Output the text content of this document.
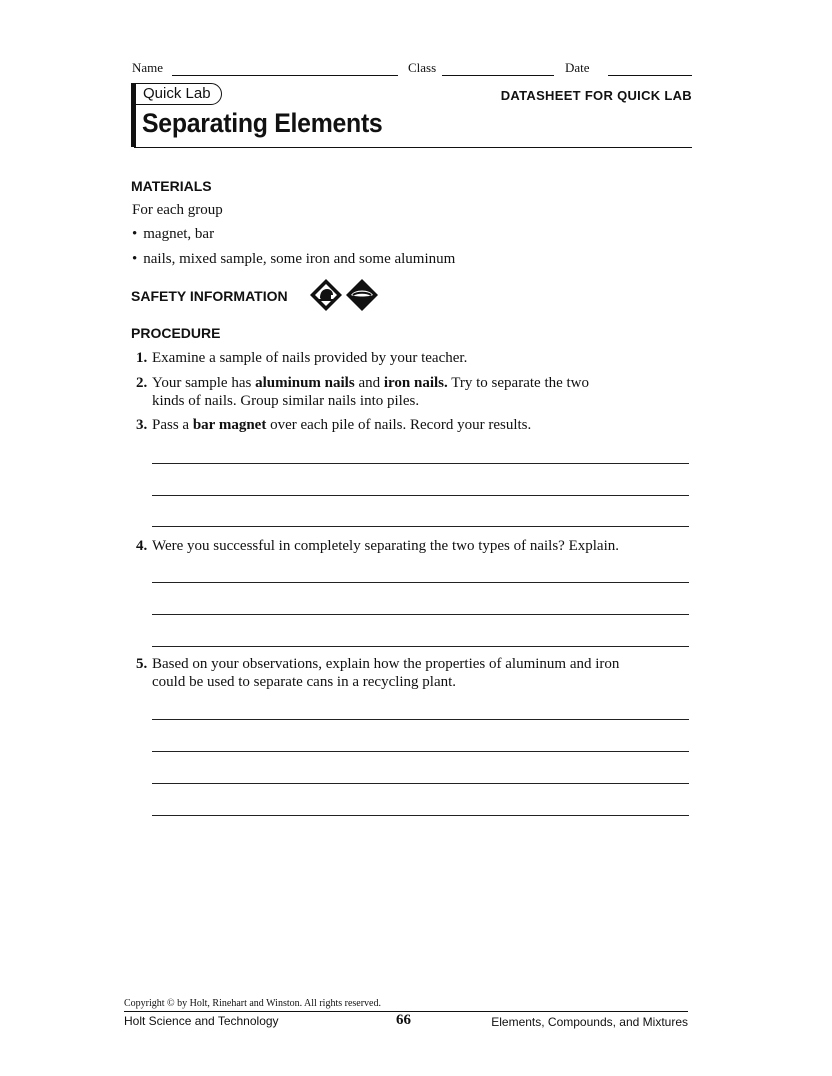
Name	Class	Date
Quick Lab	DATASHEET FOR QUICK LAB
Separating Elements
MATERIALS
For each group
• magnet, bar
• nails, mixed sample, some iron and some aluminum
SAFETY INFORMATION
PROCEDURE
1. Examine a sample of nails provided by your teacher.
2. Your sample has aluminum nails and iron nails. Try to separate the two
kinds of nails. Group similar nails into piles.
3. Pass a bar magnet over each pile of nails. Record your results.
4. Were you successful in completely separating the two types of nails? Explain.
5. Based on your observations, explain how the properties of aluminum and iron
could be used to separate cans in a recycling plant.
Copyright © by Holt, Rinehart and Winston. All rights reserved.
Holt Science and Technology	66	Elements, Compounds, and Mixtures
